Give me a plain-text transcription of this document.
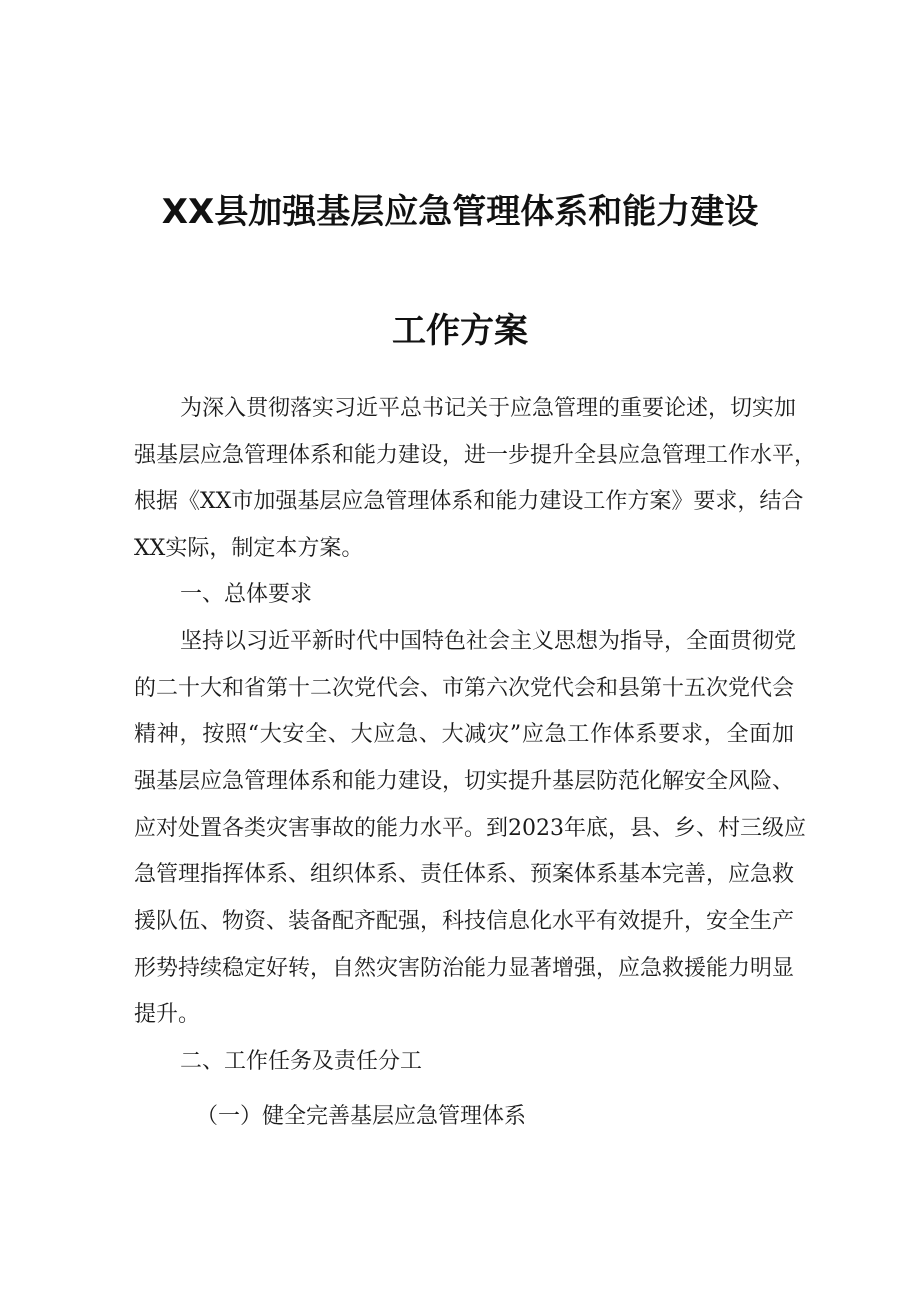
XX县加强基层应急管理体系和能力建设
工作方案
为深入贯彻落实习近平总书记关于应急管理的重要论述，切实加
强基层应急管理体系和能力建设，进一步提升全县应急管理工作水平，
根据《XX市加强基层应急管理体系和能力建设工作方案》要求，结合
XX实际，制定本方案。
一、总体要求
坚持以习近平新时代中国特色社会主义思想为指导，全面贯彻党
的二十大和省第十二次党代会、市第六次党代会和县第十五次党代会
精神，按照“大安全、大应急、大减灾”应急工作体系要求，全面加
强基层应急管理体系和能力建设，切实提升基层防范化解安全风险、
应对处置各类灾害事故的能力水平。到2023年底，县、乡、村三级应
急管理指挥体系、组织体系、责任体系、预案体系基本完善，应急救
援队伍、物资、装备配齐配强，科技信息化水平有效提升，安全生产
形势持续稳定好转，自然灾害防治能力显著增强，应急救援能力明显
提升。
二、工作任务及责任分工
（一）健全完善基层应急管理体系
